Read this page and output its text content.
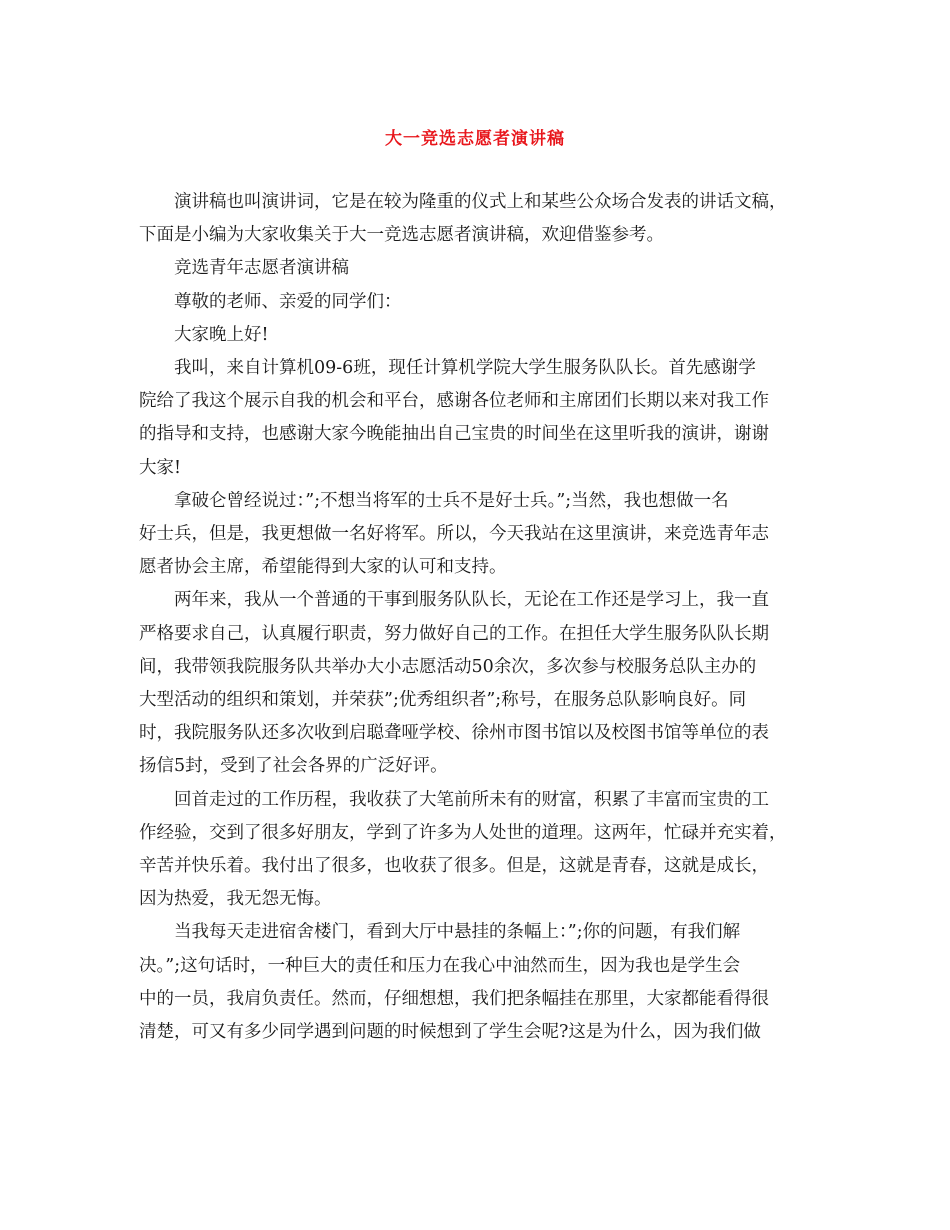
大一竞选志愿者演讲稿

演讲稿也叫演讲词，它是在较为隆重的仪式上和某些公众场合发表的讲话文稿，

下面是小编为大家收集关于大一竞选志愿者演讲稿，欢迎借鉴参考。

竞选青年志愿者演讲稿

尊敬的老师、亲爱的同学们：

大家晚上好!

我叫，来自计算机09-6班，现任计算机学院大学生服务队队长。首先感谢学

院给了我这个展示自我的机会和平台，感谢各位老师和主席团们长期以来对我工作

的指导和支持，也感谢大家今晚能抽出自己宝贵的时间坐在这里听我的演讲，谢谢

大家!

拿破仑曾经说过：”;不想当将军的士兵不是好士兵。”;当然，我也想做一名

好士兵，但是，我更想做一名好将军。所以，今天我站在这里演讲，来竞选青年志

愿者协会主席，希望能得到大家的认可和支持。

两年来，我从一个普通的干事到服务队队长，无论在工作还是学习上，我一直

严格要求自己，认真履行职责，努力做好自己的工作。在担任大学生服务队队长期

间，我带领我院服务队共举办大小志愿活动50余次，多次参与校服务总队主办的

大型活动的组织和策划，并荣获”;优秀组织者”;称号，在服务总队影响良好。同

时，我院服务队还多次收到启聪聋哑学校、徐州市图书馆以及校图书馆等单位的表

扬信5封，受到了社会各界的广泛好评。

回首走过的工作历程，我收获了大笔前所未有的财富，积累了丰富而宝贵的工

作经验，交到了很多好朋友，学到了许多为人处世的道理。这两年，忙碌并充实着，

辛苦并快乐着。我付出了很多，也收获了很多。但是，这就是青春，这就是成长，

因为热爱，我无怨无悔。

当我每天走进宿舍楼门，看到大厅中悬挂的条幅上：”;你的问题，有我们解

决。”;这句话时，一种巨大的责任和压力在我心中油然而生，因为我也是学生会

中的一员，我肩负责任。然而，仔细想想，我们把条幅挂在那里，大家都能看得很

清楚，可又有多少同学遇到问题的时候想到了学生会呢?这是为什么，因为我们做
